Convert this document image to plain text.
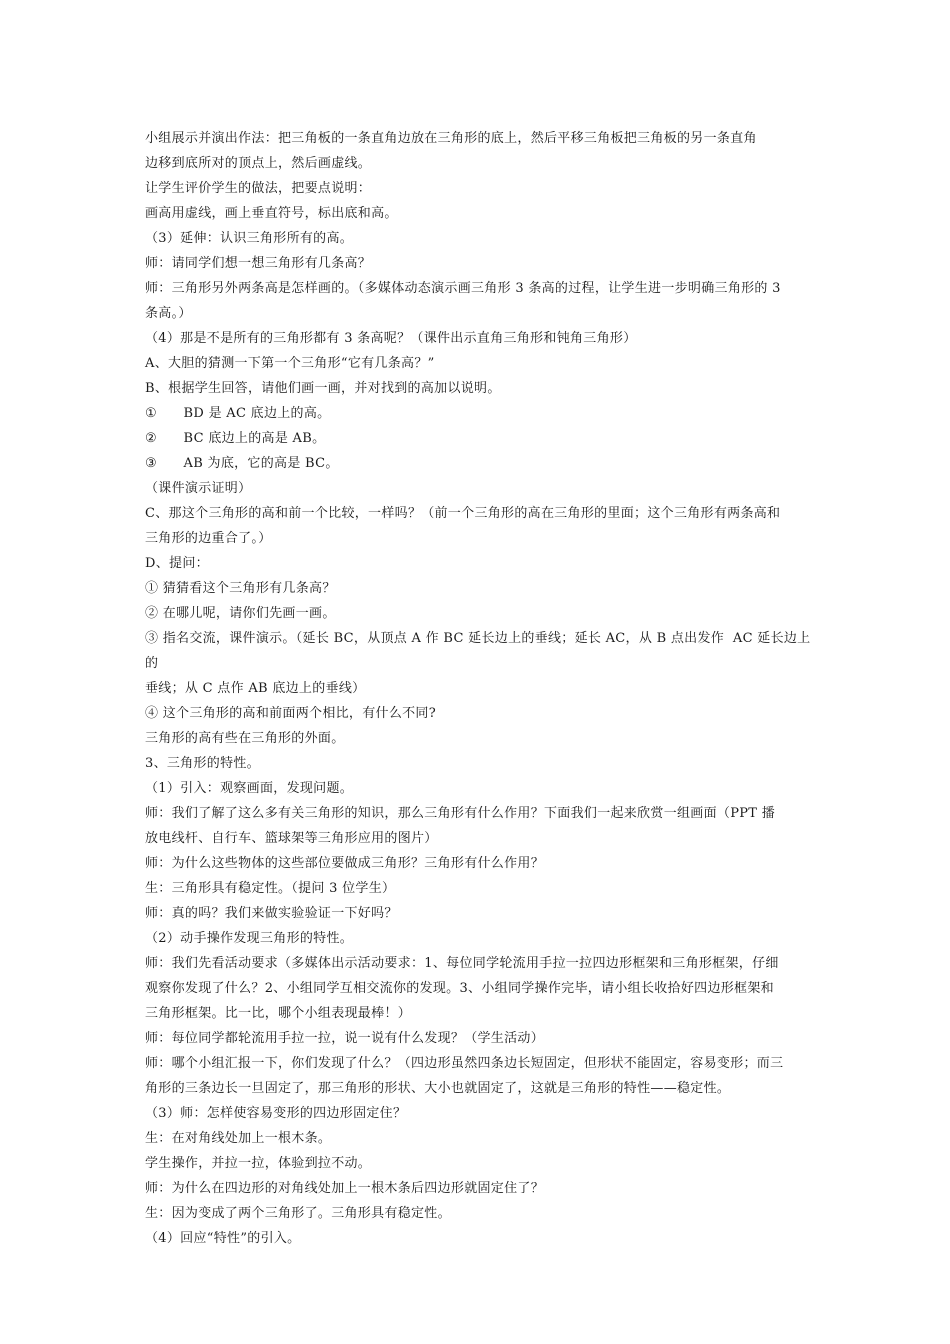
小组展示并演出作法：把三角板的一条直角边放在三角形的底上，然后平移三角板把三角板的另一条直角
边移到底所对的顶点上，然后画虚线。
让学生评价学生的做法，把要点说明：
画高用虚线，画上垂直符号，标出底和高。
（3）延伸：认识三角形所有的高。
师：请同学们想一想三角形有几条高？
师：三角形另外两条高是怎样画的。（多媒体动态演示画三角形 3 条高的过程，让学生进一步明确三角形的 3
条高。）
（4）那是不是所有的三角形都有 3 条高呢？（课件出示直角三角形和钝角三角形）
A、大胆的猜测一下第一个三角形“它有几条高？”
B、根据学生回答，请他们画一画，并对找到的高加以说明。
①　　BD 是 AC 底边上的高。
②　　BC 底边上的高是 AB。
③　　AB 为底，它的高是 BC。
（课件演示证明）
C、那这个三角形的高和前一个比较，一样吗？（前一个三角形的高在三角形的里面；这个三角形有两条高和
三角形的边重合了。）
D、提问：
① 猜猜看这个三角形有几条高？
② 在哪儿呢，请你们先画一画。
③ 指名交流，课件演示。（延长 BC，从顶点 A 作 BC 延长边上的垂线；延长 AC，从 B 点出发作  AC 延长边上的
垂线；从 C 点作 AB 底边上的垂线）
④ 这个三角形的高和前面两个相比，有什么不同?
三角形的高有些在三角形的外面。
3、三角形的特性。
（1）引入：观察画面，发现问题。
师：我们了解了这么多有关三角形的知识，那么三角形有什么作用？下面我们一起来欣赏一组画面（PPT 播
放电线杆、自行车、篮球架等三角形应用的图片）
师：为什么这些物体的这些部位要做成三角形？三角形有什么作用？
生：三角形具有稳定性。（提问 3 位学生）
师：真的吗？我们来做实验验证一下好吗？
（2）动手操作发现三角形的特性。
师：我们先看活动要求（多媒体出示活动要求：1、每位同学轮流用手拉一拉四边形框架和三角形框架，仔细
观察你发现了什么？2、小组同学互相交流你的发现。3、小组同学操作完毕，请小组长收拾好四边形框架和
三角形框架。比一比，哪个小组表现最棒！）
师：每位同学都轮流用手拉一拉，说一说有什么发现？（学生活动）
师：哪个小组汇报一下，你们发现了什么？（四边形虽然四条边长短固定，但形状不能固定，容易变形；而三
角形的三条边长一旦固定了，那三角形的形状、大小也就固定了，这就是三角形的特性——稳定性。
（3）师：怎样使容易变形的四边形固定住？
生：在对角线处加上一根木条。
学生操作，并拉一拉，体验到拉不动。
师：为什么在四边形的对角线处加上一根木条后四边形就固定住了？
生：因为变成了两个三角形了。三角形具有稳定性。
（4）回应“特性”的引入。
